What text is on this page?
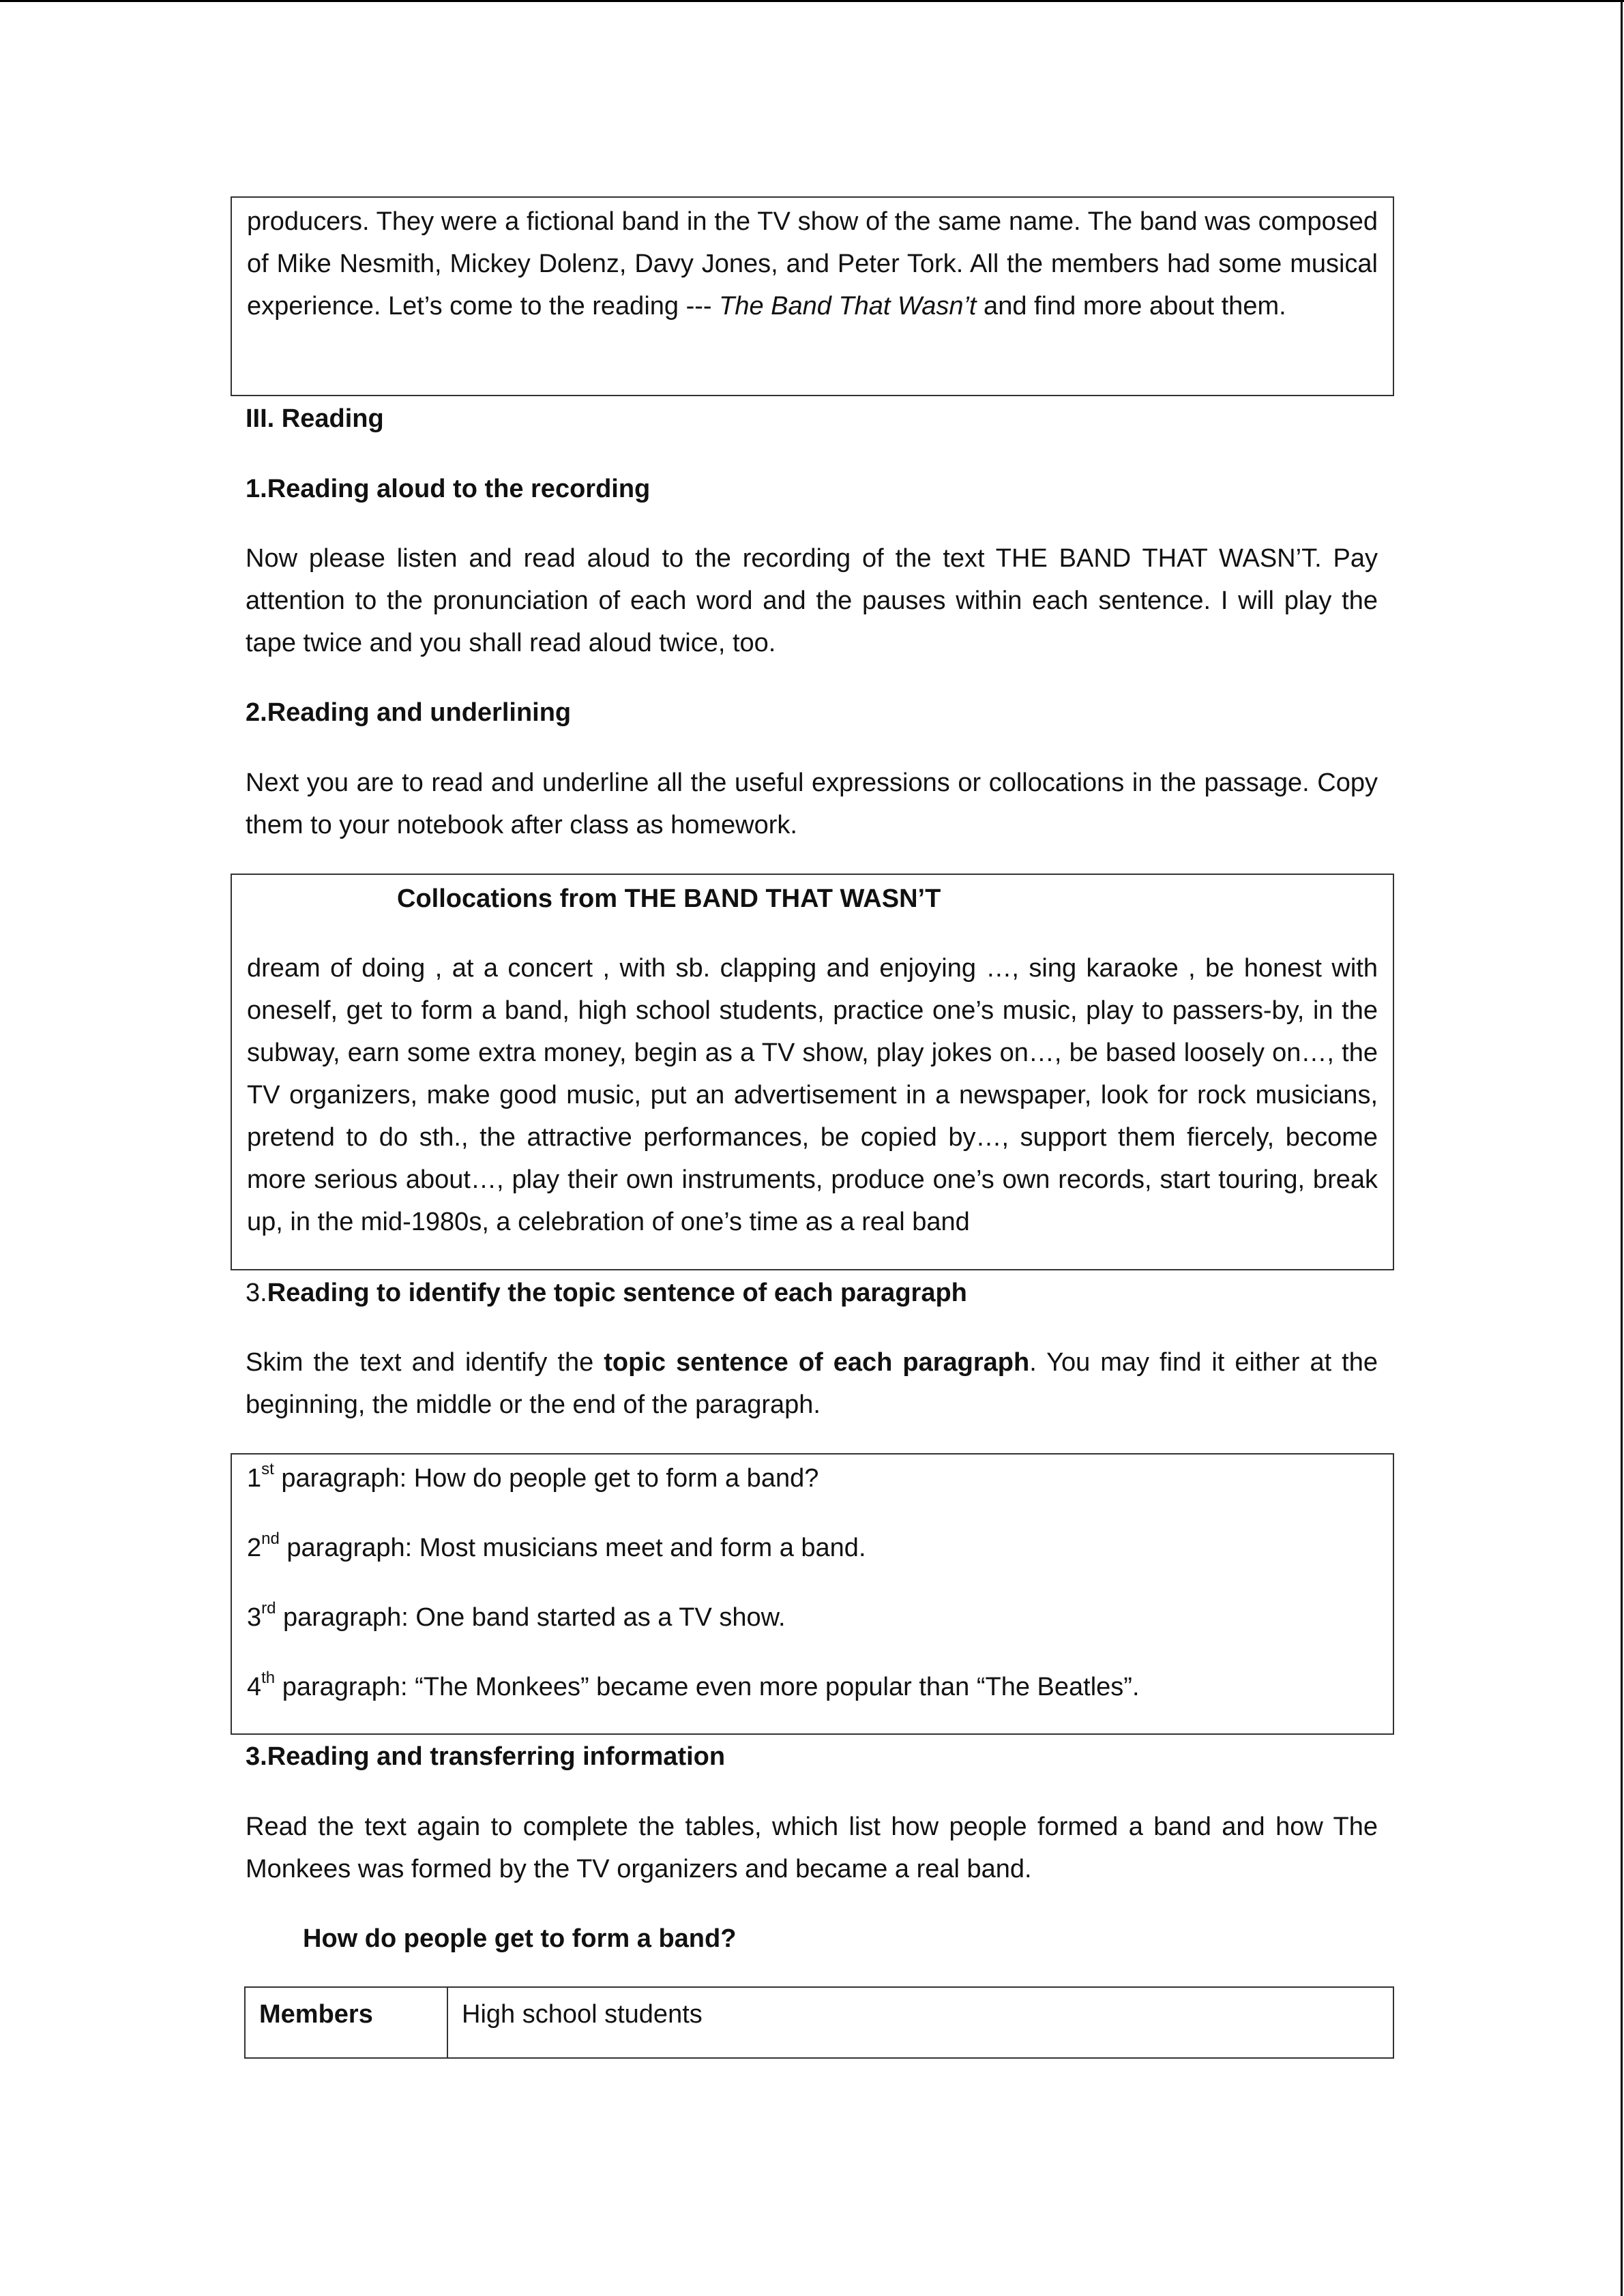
producers. They were a fictional band in the TV show of the same name. The band was composed of Mike Nesmith, Mickey Dolenz, Davy Jones, and Peter Tork. All the members had some musical experience. Let’s come to the reading --- The Band That Wasn’t and find more about them.

III. Reading

1.Reading aloud to the recording

Now please listen and read aloud to the recording of the text THE BAND THAT WASN’T. Pay attention to the pronunciation of each word and the pauses within each sentence. I will play the tape twice and you shall read aloud twice, too.

2.Reading and underlining

Next you are to read and underline all the useful expressions or collocations in the passage. Copy them to your notebook after class as homework.

Collocations from THE BAND THAT WASN’T

dream of doing , at a concert , with sb. clapping and enjoying …, sing karaoke , be honest with oneself, get to form a band, high school students, practice one’s music, play to passers-by, in the subway, earn some extra money, begin as a TV show, play jokes on…, be based loosely on…, the TV organizers, make good music, put an advertisement in a newspaper, look for rock musicians, pretend to do sth., the attractive performances, be copied by…, support them fiercely, become more serious about…, play their own instruments, produce one’s own records, start touring, break up, in the mid-1980s, a celebration of one’s time as a real band

3.Reading to identify the topic sentence of each paragraph

Skim the text and identify the topic sentence of each paragraph. You may find it either at the beginning, the middle or the end of the paragraph.

1st paragraph: How do people get to form a band?

2nd paragraph: Most musicians meet and form a band.

3rd paragraph: One band started as a TV show.

4th paragraph: “The Monkees” became even more popular than “The Beatles”.

3.Reading and transferring information

Read the text again to complete the tables, which list how people formed a band and how The Monkees was formed by the TV organizers and became a real band.

How do people get to form a band?

Members	High school students
